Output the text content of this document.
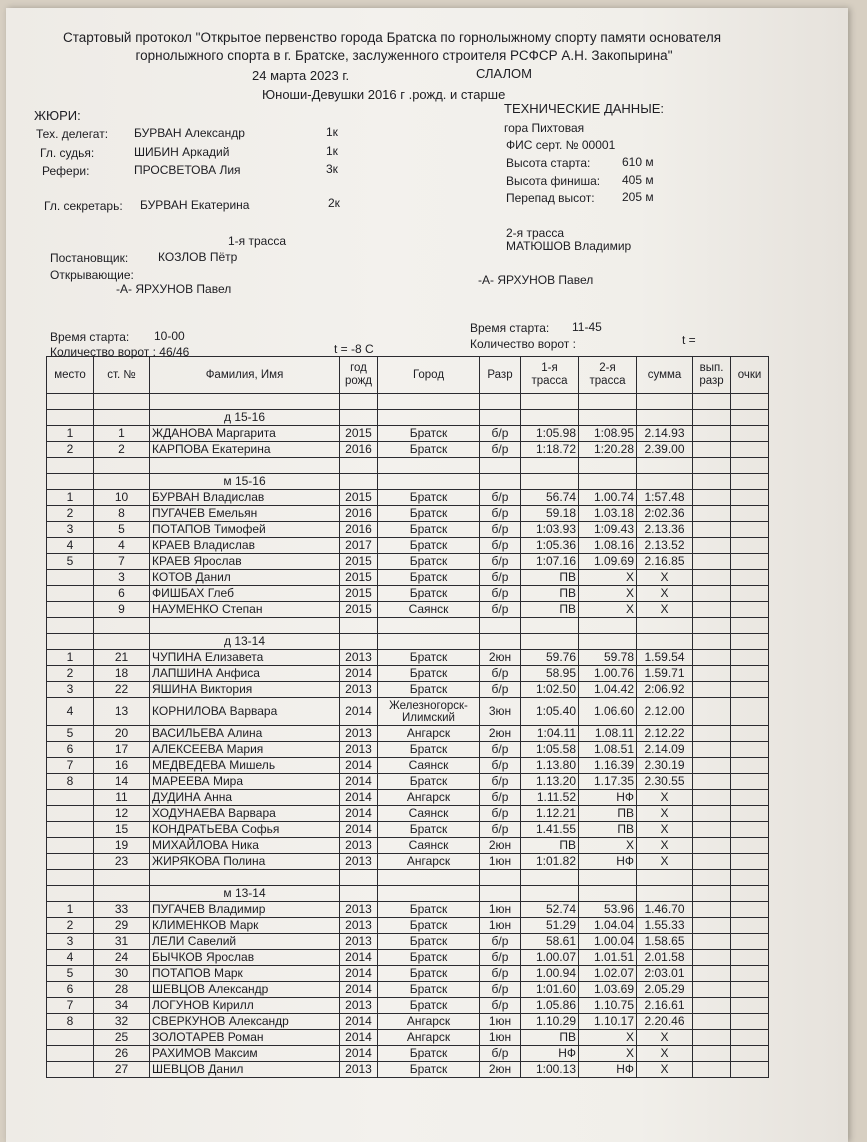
Стартовый протокол "Открытое первенство города Братска по горнолыжному спорту памяти основателя
горнолыжного спорта в г. Братске, заслуженного строителя РСФСР А.Н. Закопырина"
24 марта 2023 г.	СЛАЛОМ
Юноши-Девушки 2016 г .рожд. и старше
ЖЮРИ:
Тех. делегат: БУРВАН Александр	1к
Гл. судья:	ШИБИН Аркадий	1к
Рефери:	ПРОСВЕТОВА Лия	3к
Гл. секретарь: БУРВАН Екатерина	2к
ТЕХНИЧЕСКИЕ ДАННЫЕ:
гора Пихтовая
ФИС серт. № 00001
Высота старта:	610 м
Высота финиша: 405 м
Перепад высот: 205 м
1-я трасса
Постановщик: КОЗЛОВ Пётр
Открывающие:
-А- ЯРХУНОВ Павел
2-я трасса
МАТЮШОВ Владимир
-А- ЯРХУНОВ Павел
Время старта: 10-00
Количество ворот : 46/46	t = -8 С
Время старта: 11-45
Количество ворот :	t =
место	ст. №	Фамилия, Имя	год рожд	Город	Разр	1-я трасса	2-я трасса	сумма	вып. разр	очки

		д 15-16								
1	1	ЖДАНОВА Маргарита	2015	Братск	б/р	1:05.98	1:08.95	2.14.93		
2	2	КАРПОВА Екатерина	2016	Братск	б/р	1:18.72	1:20.28	2.39.00		

		м 15-16								
1	10	БУРВАН Владислав	2015	Братск	б/р	56.74	1.00.74	1:57.48		
2	8	ПУГАЧЕВ Емельян	2016	Братск	б/р	59.18	1.03.18	2:02.36		
3	5	ПОТАПОВ Тимофей	2016	Братск	б/р	1:03.93	1:09.43	2.13.36		
4	4	КРАЕВ Владислав	2017	Братск	б/р	1:05.36	1.08.16	2.13.52		
5	7	КРАЕВ Ярослав	2015	Братск	б/р	1:07.16	1.09.69	2.16.85		
	3	КОТОВ Данил	2015	Братск	б/р	ПВ	Х	Х		
	6	ФИШБАХ Глеб	2015	Братск	б/р	ПВ	Х	Х		
	9	НАУМЕНКО Степан	2015	Саянск	б/р	ПВ	Х	Х		

		д 13-14								
1	21	ЧУПИНА Елизавета	2013	Братск	2юн	59.76	59.78	1.59.54		
2	18	ЛАПШИНА Анфиса	2014	Братск	б/р	58.95	1.00.76	1.59.71		
3	22	ЯШИНА Виктория	2013	Братск	б/р	1:02.50	1.04.42	2:06.92		
4	13	КОРНИЛОВА Варвара	2014	Железногорск-Илимский	3юн	1:05.40	1.06.60	2.12.00		
5	20	ВАСИЛЬЕВА Алина	2013	Ангарск	2юн	1:04.11	1.08.11	2.12.22		
6	17	АЛЕКСЕЕВА Мария	2013	Братск	б/р	1:05.58	1.08.51	2.14.09		
7	16	МЕДВЕДЕВА Мишель	2014	Саянск	б/р	1.13.80	1.16.39	2.30.19		
8	14	МАРЕЕВА Мира	2014	Братск	б/р	1.13.20	1.17.35	2.30.55		
	11	ДУДИНА Анна	2014	Ангарск	б/р	1.11.52	НФ	Х		
	12	ХОДУНАЕВА Варвара	2014	Саянск	б/р	1.12.21	ПВ	Х		
	15	КОНДРАТЬЕВА Софья	2014	Братск	б/р	1.41.55	ПВ	Х		
	19	МИХАЙЛОВА Ника	2013	Саянск	2юн	ПВ	Х	Х		
	23	ЖИРЯКОВА Полина	2013	Ангарск	1юн	1:01.82	НФ	Х		

		м 13-14								
1	33	ПУГАЧЕВ Владимир	2013	Братск	1юн	52.74	53.96	1.46.70		
2	29	КЛИМЕНКОВ Марк	2013	Братск	1юн	51.29	1.04.04	1.55.33		
3	31	ЛЕЛИ Савелий	2013	Братск	б/р	58.61	1.00.04	1.58.65		
4	24	БЫЧКОВ Ярослав	2014	Братск	б/р	1.00.07	1.01.51	2.01.58		
5	30	ПОТАПОВ Марк	2014	Братск	б/р	1.00.94	1.02.07	2:03.01		
6	28	ШЕВЦОВ Александр	2014	Братск	б/р	1:01.60	1.03.69	2.05.29		
7	34	ЛОГУНОВ Кирилл	2013	Братск	б/р	1.05.86	1.10.75	2.16.61		
8	32	СВЕРКУНОВ Александр	2014	Ангарск	1юн	1.10.29	1.10.17	2.20.46		
	25	ЗОЛОТАРЕВ Роман	2014	Ангарск	1юн	ПВ	Х	Х		
	26	РАХИМОВ Максим	2014	Братск	б/р	НФ	Х	Х		
	27	ШЕВЦОВ Данил	2013	Братск	2юн	1:00.13	НФ	Х		
